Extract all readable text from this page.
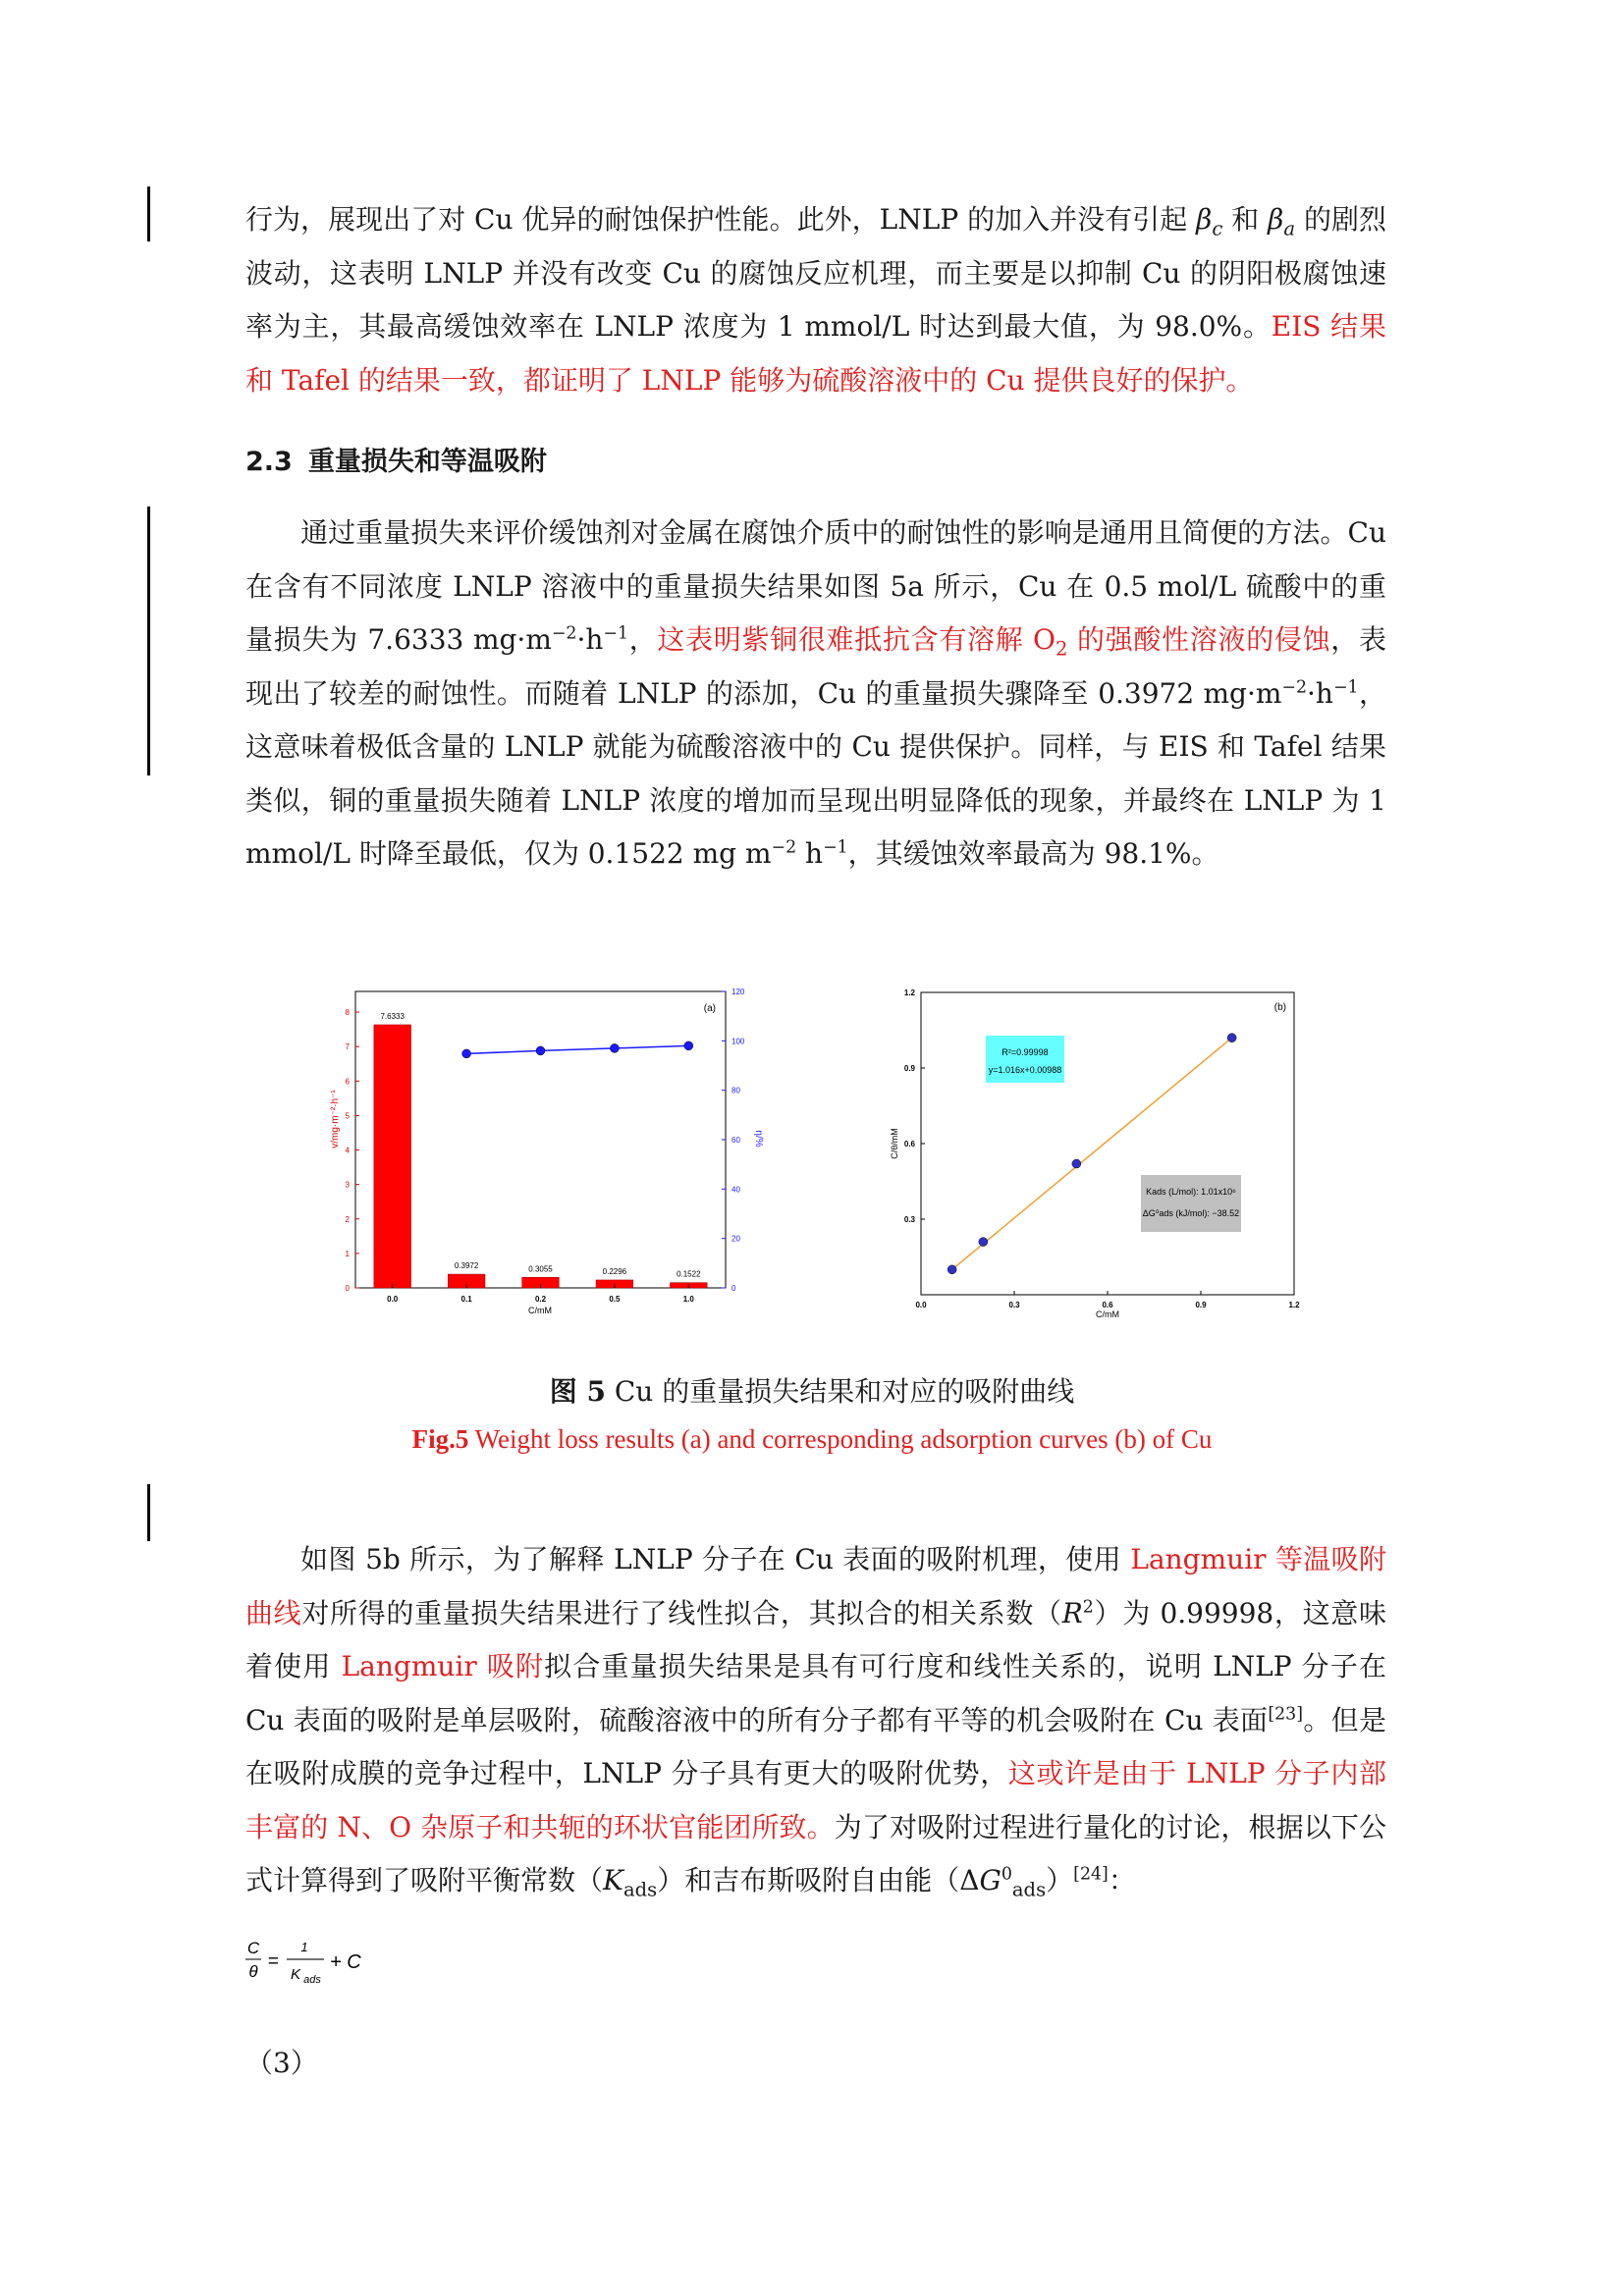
行为，展现出了对 Cu 优异的耐蚀保护性能。此外，LNLP 的加入并没有引起 $\beta_c$ 和 $\beta_a$ 的剧烈波动，这表明 LNLP 并没有改变 Cu 的腐蚀反应机理，而主要是以抑制 Cu 的阴阳极腐蚀速率为主，其最高缓蚀效率在 LNLP 浓度为 1 mmol/L 时达到最大值，为 98.0%。EIS 结果和 Tafel 的结果一致，都证明了 LNLP 能够为硫酸溶液中的 Cu 提供良好的保护。

2.3 重量损失和等温吸附

通过重量损失来评价缓蚀剂对金属在腐蚀介质中的耐蚀性的影响是通用且简便的方法。Cu 在含有不同浓度 LNLP 溶液中的重量损失结果如图 5a 所示，Cu 在 0.5 mol/L 硫酸中的重量损失为 7.6333 $mg\cdot m^{-2}\cdot h^{-1}$，这表明紫铜很难抵抗含有溶解 $O_2$ 的强酸性溶液的侵蚀，表现出了较差的耐蚀性。而随着 LNLP 的添加，Cu 的重量损失骤降至 0.3972 $mg\cdot m^{-2}\cdot h^{-1}$，这意味着极低含量的 LNLP 就能为硫酸溶液中的 Cu 提供保护。同样，与 EIS 和 Tafel 结果类似，铜的重量损失随着 LNLP 浓度的增加而呈现出明显降低的现象，并最终在 LNLP 为 1 mmol/L 时降至最低，仅为 0.1522 mg $m^{-2}$ $h^{-1}$，其缓蚀效率最高为 98.1%。

(a)
v/mg·m⁻²·h⁻¹	η/%
C/mM
0
1
2
3
4
5
6
7
8
0
20
40
60
80
100
120
7.6333
0.0
0.3972
0.1
0.3055
0.2
0.2296
0.5
0.1522
1.0
(b)
C/θ/mM
C/mM
R²=0.99998
y=1.016x+0.00988
Kads (L/mol): 1.01x10⁶
ΔG⁰ads (kJ/mol): −38.52
0.0	0.3	0.6	0.9	1.2
0.3
0.6
0.9
1.2
图 5 Cu 的重量损失结果和对应的吸附曲线
Fig.5 Weight loss results (a) and corresponding adsorption curves (b) of Cu

如图 5b 所示，为了解释 LNLP 分子在 Cu 表面的吸附机理，使用 Langmuir 等温吸附曲线对所得的重量损失结果进行了线性拟合，其拟合的相关系数$(R^2)$为 0.99998，这意味着使用 Langmuir 吸附拟合重量损失结果是具有可行度和线性关系的，说明 LNLP 分子在 Cu 表面的吸附是单层吸附，硫酸溶液中的所有分子都有平等的机会吸附在 Cu 表面[23]。但是在吸附成膜的竞争过程中，LNLP 分子具有更大的吸附优势，这或许是由于 LNLP 分子内部丰富的 N、O 杂原子和共轭的环状官能团所致。为了对吸附过程进行量化的讨论，根据以下公式计算得到了吸附平衡常数$(K_{ads})$和吉布斯吸附自由能$(\Delta G^0_{ads})[24]$：

C
θ =
1
K ads
+ C

（3）
